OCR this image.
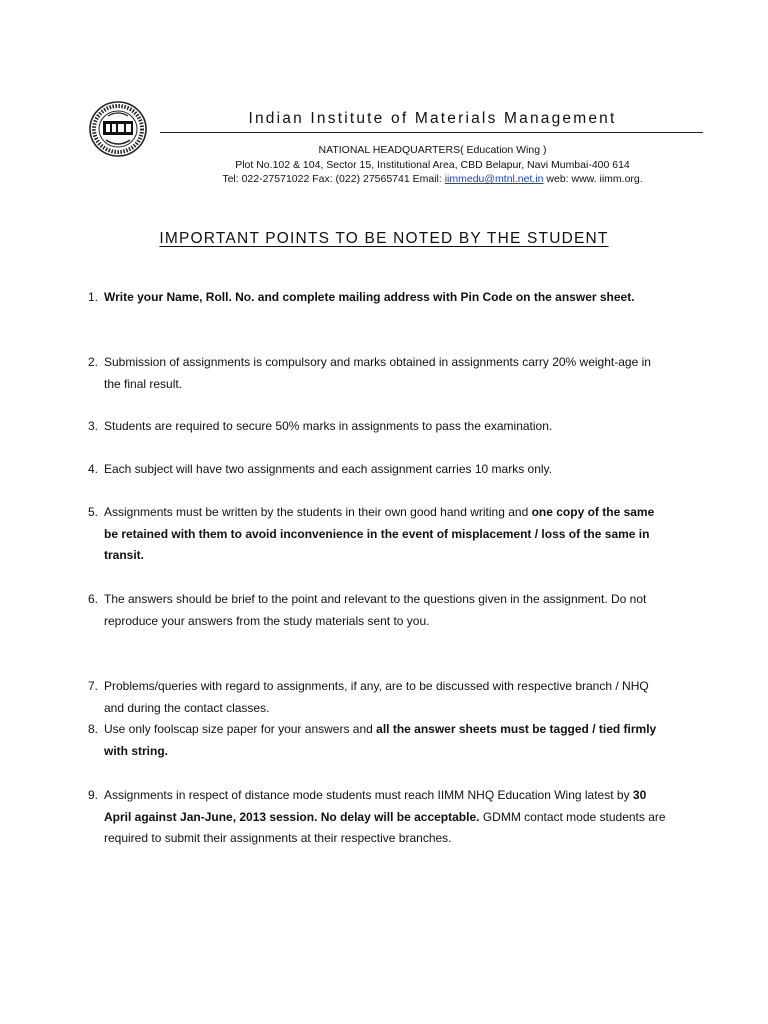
Indian Institute of Materials Management
NATIONAL HEADQUARTERS( Education Wing )
Plot No.102 & 104, Sector 15, Institutional Area, CBD Belapur, Navi Mumbai-400 614
Tel: 022-27571022 Fax: (022) 27565741 Email: iimmedu@mtnl.net.in web: www. iimm.org.
IMPORTANT POINTS TO BE NOTED BY THE STUDENT
1. Write your Name, Roll. No. and complete mailing address with Pin Code on the answer sheet.
2. Submission of assignments is compulsory and marks obtained in assignments carry 20% weight-age in the final result.
3. Students are required to secure 50% marks in assignments to pass the examination.
4. Each subject will have two assignments and each assignment carries 10 marks only.
5. Assignments must be written by the students in their own good hand writing and one copy of the same be retained with them to avoid inconvenience in the event of misplacement / loss of the same in transit.
6. The answers should be brief to the point and relevant to the questions given in the assignment. Do not reproduce your answers from the study materials sent to you.
7. Problems/queries with regard to assignments, if any, are to be discussed with respective branch / NHQ and during the contact classes.
8. Use only foolscap size paper for your answers and all the answer sheets must be tagged / tied firmly with string.
9. Assignments in respect of distance mode students must reach IIMM NHQ Education Wing latest by 30 April against Jan-June, 2013 session. No delay will be acceptable. GDMM contact mode students are required to submit their assignments at their respective branches.
